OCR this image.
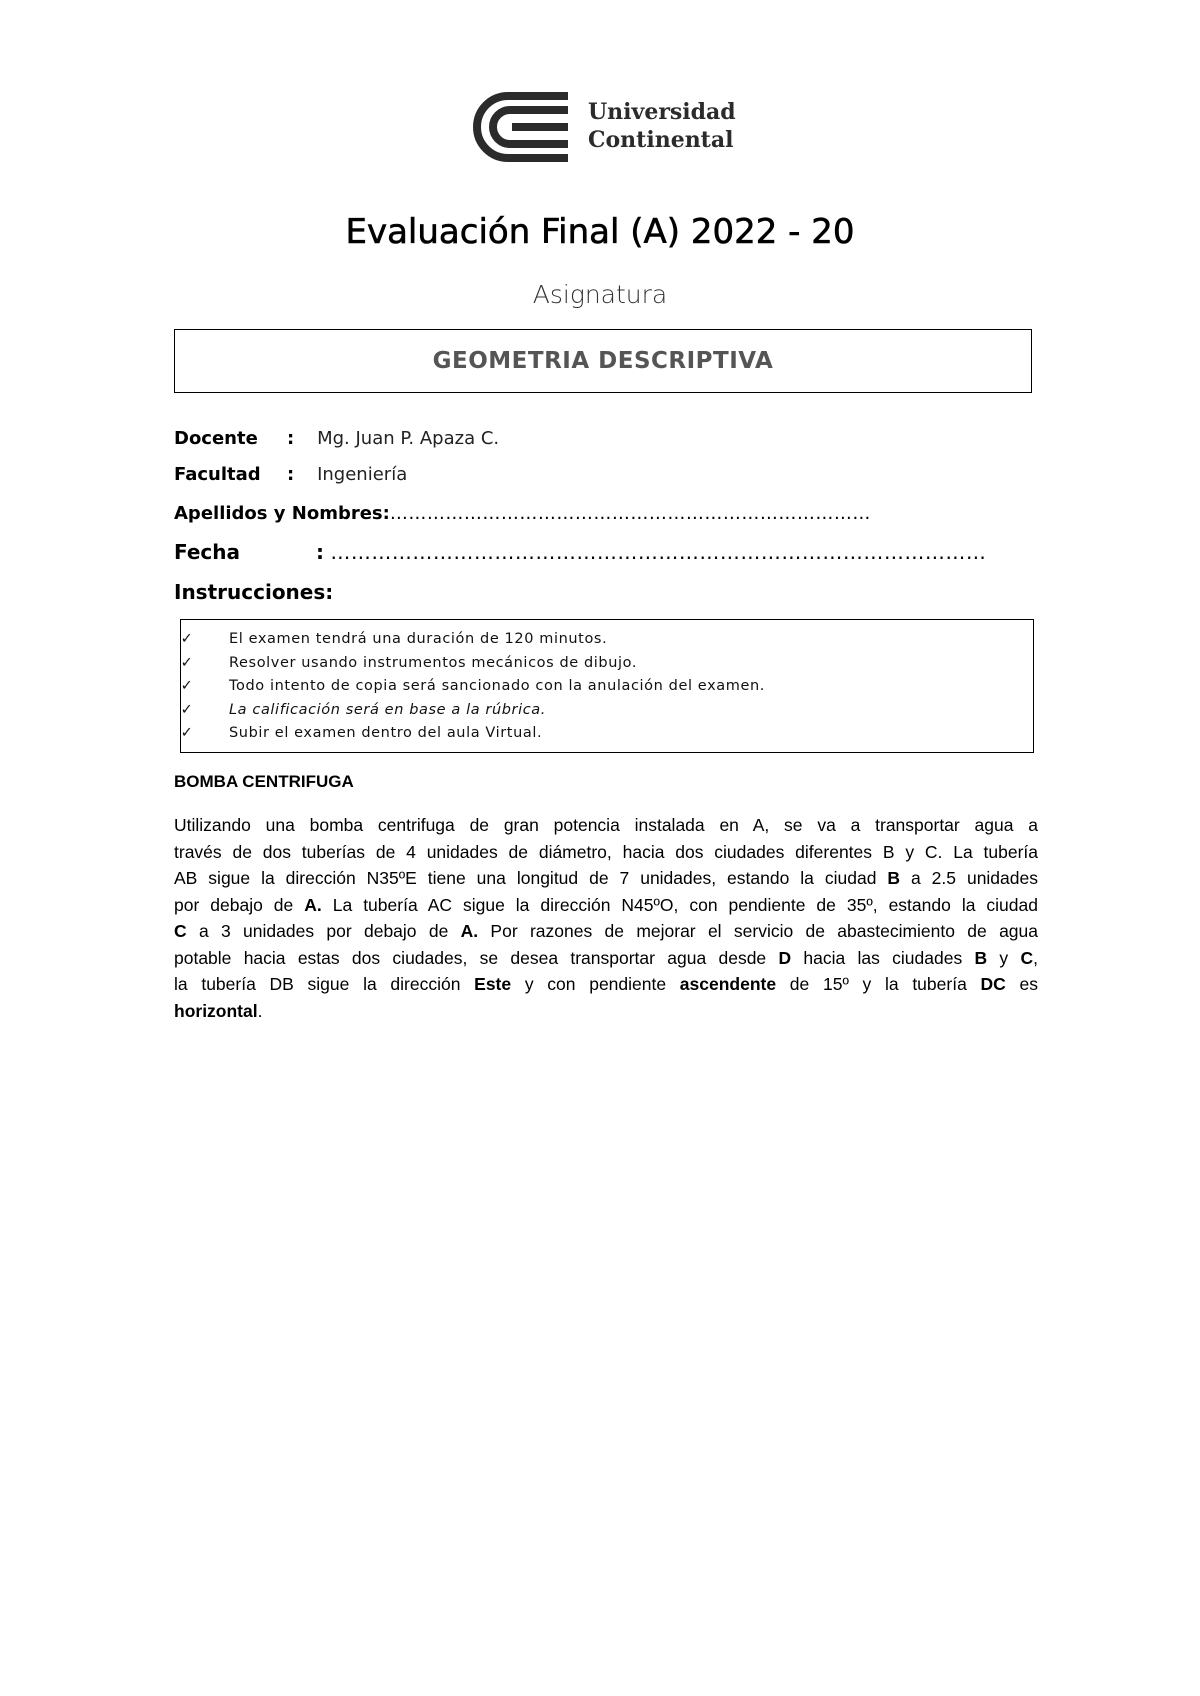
Universidad
Continental
Evaluación Final (A) 2022 - 20
Asignatura
GEOMETRIA DESCRIPTIVA
Docente : Mg. Juan P. Apaza C.
Facultad : Ingeniería
Apellidos y Nombres:……………………………………………………………………
Fecha	: ……………………………………………………………………………………
Instrucciones:
✓ El examen tendrá una duración de 120 minutos.
✓ Resolver usando instrumentos mecánicos de dibujo.
✓ Todo intento de copia será sancionado con la anulación del examen.
✓ La calificación será en base a la rúbrica.
✓ Subir el examen dentro del aula Virtual.
BOMBA CENTRIFUGA

Utilizando una bomba centrifuga de gran potencia instalada en A, se va a transportar agua a
través de dos tuberías de 4 unidades de diámetro, hacia dos ciudades diferentes B y C. La tubería
AB sigue la dirección N35ºE tiene una longitud de 7 unidades, estando la ciudad B a 2.5 unidades
por debajo de A. La tubería AC sigue la dirección N45ºO, con pendiente de 35º, estando la ciudad
C a 3 unidades por debajo de A. Por razones de mejorar el servicio de abastecimiento de agua
potable hacia estas dos ciudades, se desea transportar agua desde D hacia las ciudades B y C,
la tubería DB sigue la dirección Este y con pendiente ascendente de 15º y la tubería DC es
horizontal.
